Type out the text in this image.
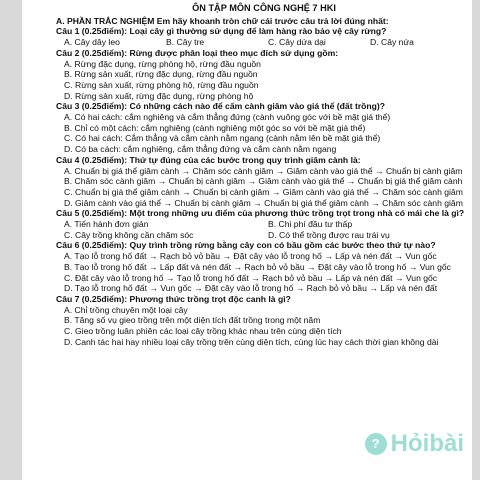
ÔN TẬP MÔN CÔNG NGHỆ 7 HKI
A. PHẦN TRẮC NGHIỆM Em hãy khoanh tròn chữ cái trước câu trả lời đúng nhất:
Câu 1 (0.25điểm): Loại cây gì thường sử dụng để làm hàng rào bảo vệ cây rừng?
A. Cây dây leo	B. Cây tre	C. Cây dứa dại	D. Cây nứa
Câu 2 (0.25điểm): Rừng được phân loại theo mục đích sử dụng gồm:
A. Rừng đặc dụng, rừng phòng hộ, rừng đầu nguồn
B. Rừng sản xuất, rừng đặc dụng, rừng đầu nguồn
C. Rừng sản xuất, rừng phòng hộ, rừng đầu nguồn
D. Rừng sản xuất, rừng đặc dụng, rừng phòng hộ
Câu 3 (0.25điểm): Có những cách nào để cấm cành giâm vào giá thể (đất trồng)?
A. Có hai cách: cắm nghiêng và cắm thẳng đứng (cành vuông góc với bề mặt giá thể)
B. Chỉ có một cách: cắm nghiêng (cành nghiêng một góc so với bề mặt giá thể)
C. Có hai cách: Cắm thẳng và cắm cành nằm ngang (cành nằm lên bề mặt giá thể)
D. Có ba cách: cắm nghiêng, cắm thẳng đứng và cắm cành nằm ngang
Câu 4 (0.25điểm): Thứ tự đúng của các bước trong quy trình giâm cành là:
A. Chuẩn bị giá thể giâm cành → Chăm sóc cành giâm → Giâm cành vào giá thể → Chuẩn bị cành giâm
B. Chăm sóc cành giâm → Chuẩn bị cành giâm → Giâm cành vào giá thể → Chuẩn bị giá thể giâm cành
C. Chuẩn bị giá thể giâm cành → Chuẩn bị cành giâm → Giâm cành vào giá thể → Chăm sóc cành giâm
D. Giâm cành vào giá thể → Chuẩn bị cành giâm → Chuẩn bị giá thể giâm cành → Chăm sóc cành giâm
Câu 5 (0.25điểm): Một trong những ưu điểm của phương thức trồng trọt trong nhà có mái che là gì?
A. Tiến hành đơn giản	B. Chi phí đầu tư thấp
C. Cây trồng không cần chăm sóc	D. Có thể trồng được rau trái vụ
Câu 6 (0.25điểm): Quy trình trồng rừng bằng cây con có bầu gồm các bước theo thứ tự nào?
A. Tạo lỗ trong hố đất → Rạch bỏ vỏ bầu → Đặt cây vào lỗ trong hố → Lấp và nén đất → Vun gốc
B. Tạo lỗ trong hố đất → Lấp đất và nén đất → Rạch bỏ vỏ bầu → Đặt cây vào lỗ trong hố → Vun gốc
C. Đặt cây vào lỗ trong hố → Tạo lỗ trong hố đất → Rạch bỏ vỏ bầu → Lấp và nén đất → Vun gốc
D. Tạo lỗ trong hố đất → Vun gốc → Đặt cây vào lỗ trong hố → Rạch bỏ vỏ bầu → Lấp và nén đất
Câu 7 (0.25điểm): Phương thức trồng trọt độc canh là gì?
A. Chỉ trồng chuyên một loại cây
B. Tăng số vụ gieo trồng trên một diện tích đất trồng trong một năm
C. Gieo trồng luân phiên các loại cây trồng khác nhau trên cùng diện tích
D. Canh tác hai hay nhiều loại cây trồng trên cùng diện tích, cùng lúc hay cách thời gian không dài
? Hỏibài
